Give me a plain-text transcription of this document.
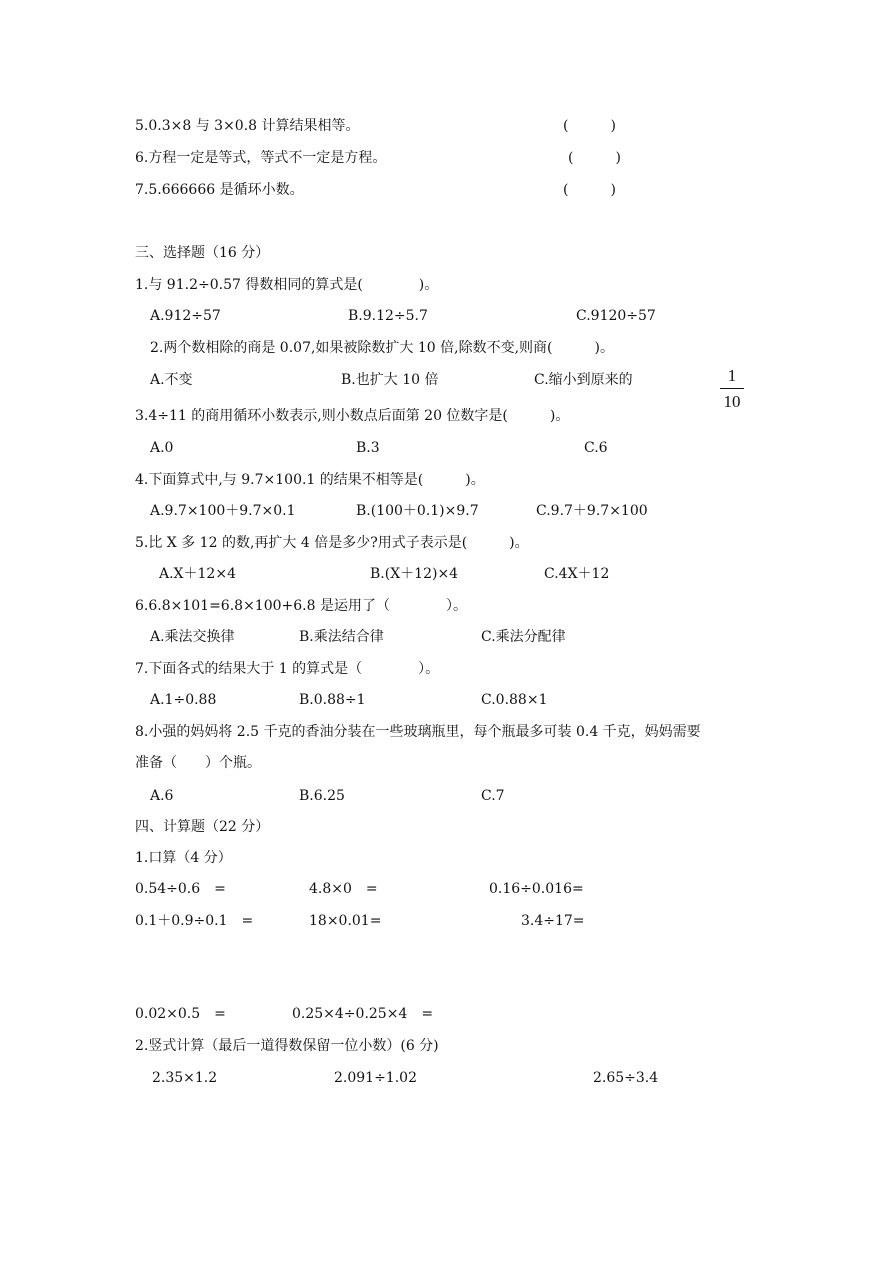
5.0.3×8 与 3×0.8 计算结果相等。	(　　　)
6.方程一定是等式，等式不一定是方程。	(　　　)
7.5.666666 是循环小数。	(　　　)
三、选择题（16 分）
1.与 91.2÷0.57 得数相同的算式是(　　　　)。
A.912÷57	B.9.12÷5.7	C.9120÷57
2.两个数相除的商是 0.07,如果被除数扩大 10 倍,除数不变,则商(　　　)。
A.不变	B.也扩大 10 倍	C.缩小到原来的	1
10
3.4÷11 的商用循环小数表示,则小数点后面第 20 位数字是(　　　)。
A.0	B.3	C.6
4.下面算式中,与 9.7×100.1 的结果不相等是(　　　)。
A.9.7×100＋9.7×0.1	B.(100＋0.1)×9.7	C.9.7＋9.7×100
5.比 X 多 12 的数,再扩大 4 倍是多少?用式子表示是(　　　)。
A.X＋12×4	B.(X＋12)×4	C.4X＋12
6.6.8×101=6.8×100+6.8 是运用了（　　　　）。
A.乘法交换律	B.乘法结合律	C.乘法分配律
7.下面各式的结果大于 1 的算式是（　　　　）。
A.1÷0.88	B.0.88÷1	C.0.88×1
8.小强的妈妈将 2.5 千克的香油分装在一些玻璃瓶里，每个瓶最多可装 0.4 千克，妈妈需要
准备（　　）个瓶。
A.6	B.6.25	C.7
四、计算题（22 分）
1.口算（4 分）
0.54÷0.6　=	4.8×0　=	0.16÷0.016=
0.1＋0.9÷0.1　=	18×0.01=	3.4÷17=
0.02×0.5　=	0.25×4÷0.25×4　=
2.竖式计算（最后一道得数保留一位小数）(6 分)
2.35×1.2	2.091÷1.02	2.65÷3.4
